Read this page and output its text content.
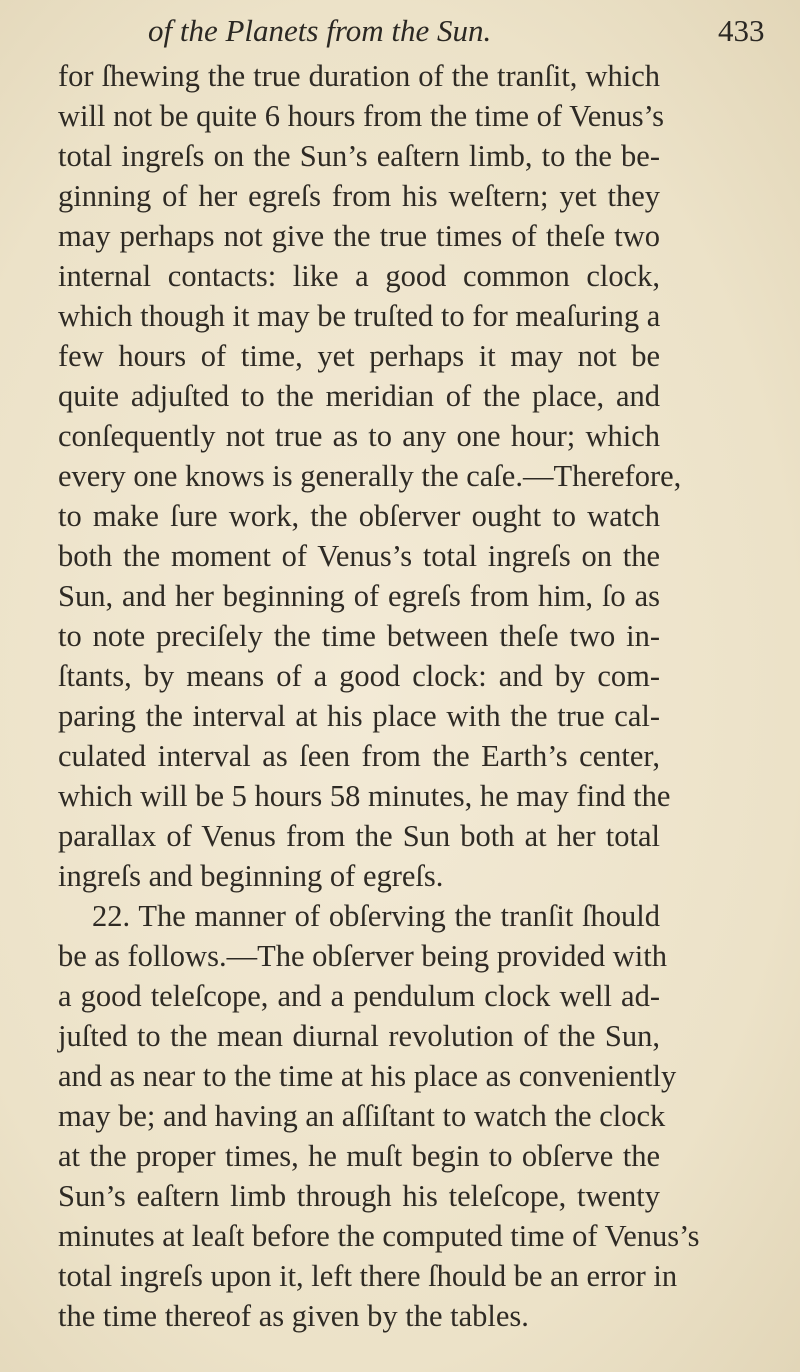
of the Planets from the Sun.	433
for ſhewing the true duration of the tranſit, which
will not be quite 6 hours from the time of Venus’s
total ingreſs on the Sun’s eaſtern limb, to the be-
ginning of her egreſs from his weſtern; yet they
may perhaps not give the true times of theſe two
internal contacts: like a good common clock,
which though it may be truſted to for meaſuring a
few hours of time, yet perhaps it may not be
quite adjuſted to the meridian of the place, and
conſequently not true as to any one hour; which
every one knows is generally the caſe.—Therefore,
to make ſure work, the obſerver ought to watch
both the moment of Venus’s total ingreſs on the
Sun, and her beginning of egreſs from him, ſo as
to note preciſely the time between theſe two in-
ſtants, by means of a good clock: and by com-
paring the interval at his place with the true cal-
culated interval as ſeen from the Earth’s center,
which will be 5 hours 58 minutes, he may find the
parallax of Venus from the Sun both at her total
ingreſs and beginning of egreſs.
22. The manner of obſerving the tranſit ſhould
be as follows.—The obſerver being provided with
a good teleſcope, and a pendulum clock well ad-
juſted to the mean diurnal revolution of the Sun,
and as near to the time at his place as conveniently
may be; and having an aſſiſtant to watch the clock
at the proper times, he muſt begin to obſerve the
Sun’s eaſtern limb through his teleſcope, twenty
minutes at leaſt before the computed time of Venus’s
total ingreſs upon it, left there ſhould be an error in
the time thereof as given by the tables.
